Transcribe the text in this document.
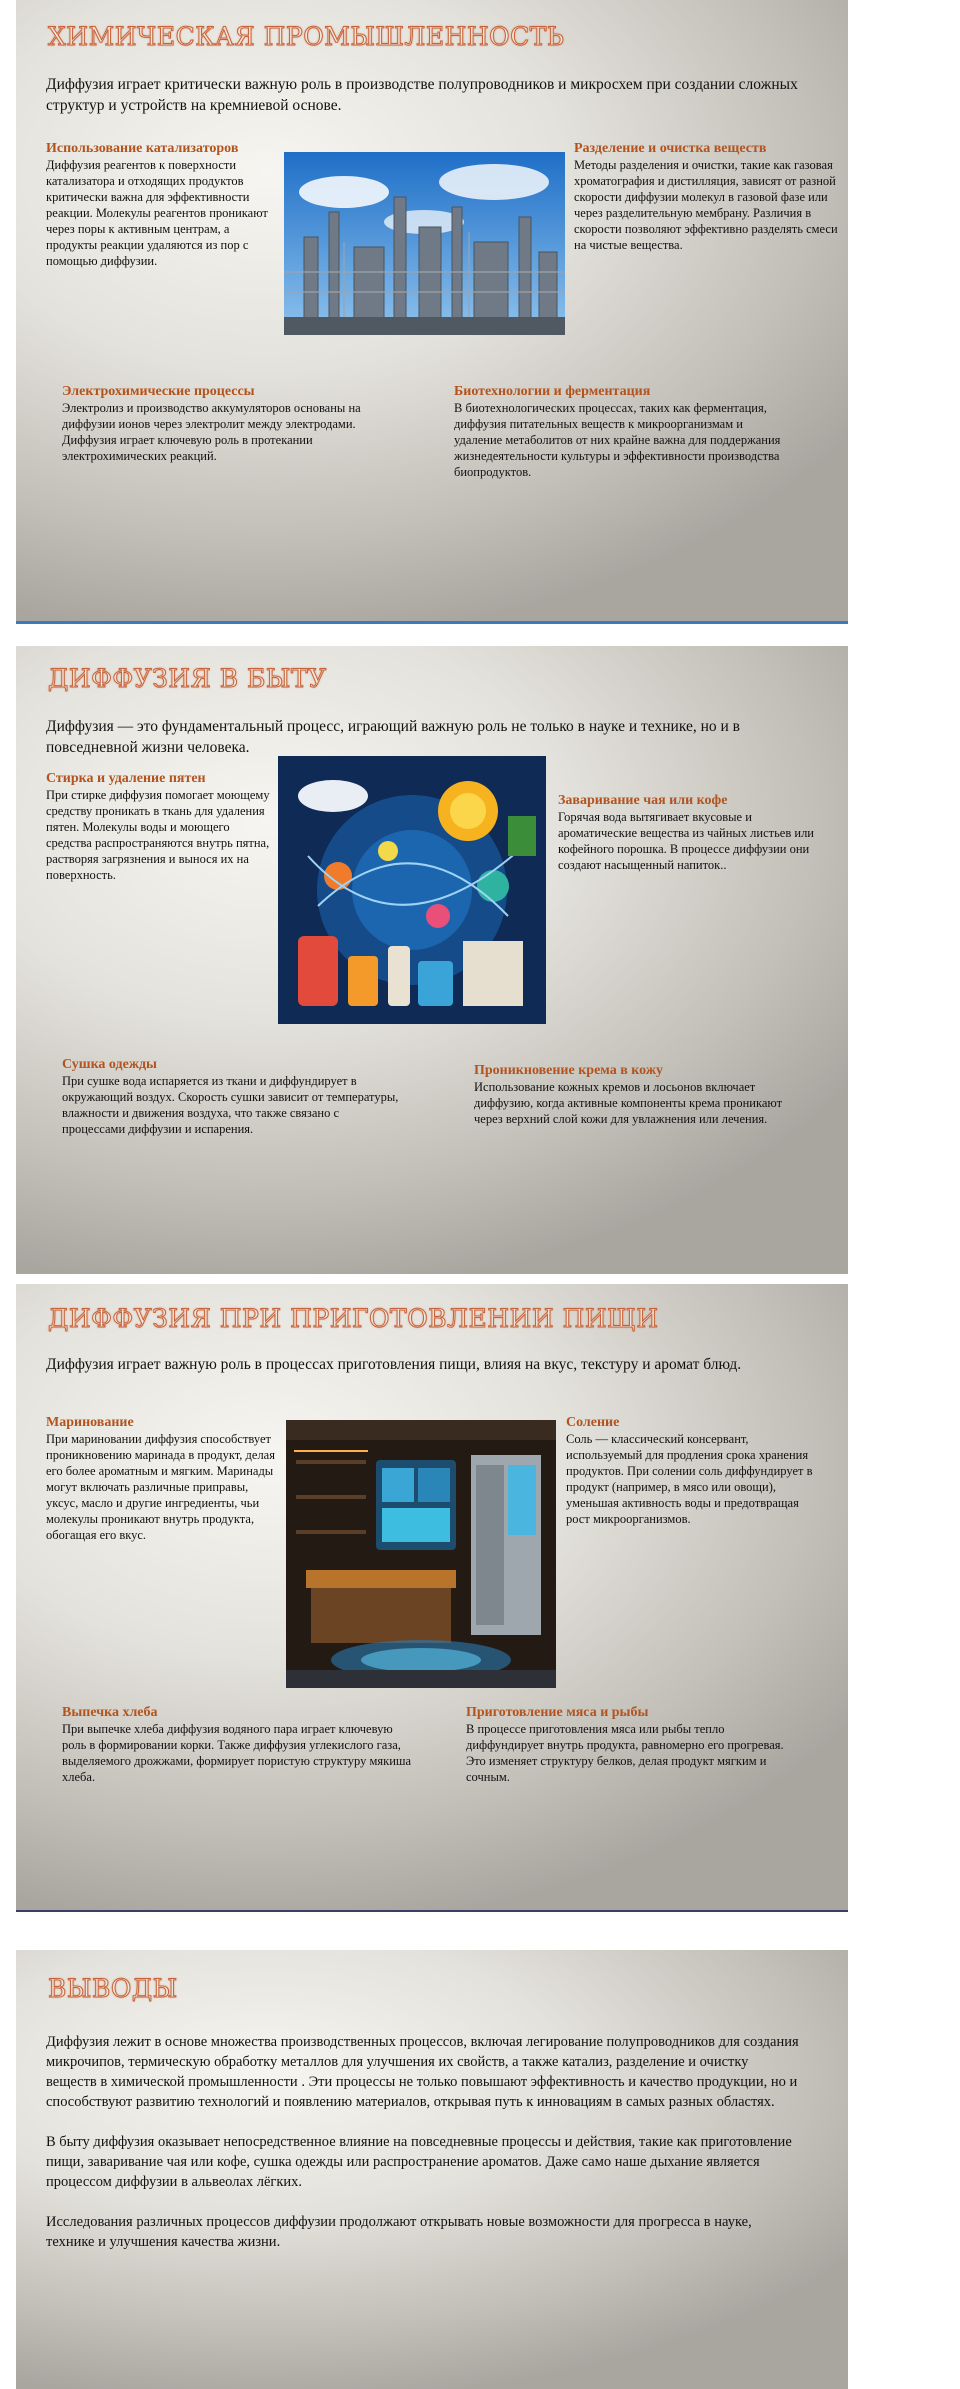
ХИМИЧЕСКАЯ ПРОМЫШЛЕННОСТЬ

Диффузия играет критически важную роль в производстве полупроводников и микросхем при создании сложных структур и устройств на кремниевой основе.

Использование катализаторов

Диффузия реагентов к поверхности катализатора и отходящих продуктов критически важна для эффективности реакции. Молекулы реагентов проникают через поры к активным центрам, а продукты реакции удаляются из пор с помощью диффузии.

Разделение и очистка веществ

Методы разделения и очистки, такие как газовая хроматография и дистилляция, зависят от разной скорости диффузии молекул в газовой фазе или через разделительную мембрану. Различия в скорости позволяют эффективно разделять смеси на чистые вещества.

Электрохимические процессы

Электролиз и производство аккумуляторов основаны на диффузии ионов через электролит между электродами. Диффузия играет ключевую роль в протекании электрохимических реакций.

Биотехнологии и ферментация

В биотехнологических процессах, таких как ферментация, диффузия питательных веществ к микроорганизмам и удаление метаболитов от них крайне важна для поддержания жизнедеятельности культуры и эффективности производства биопродуктов.

ДИФФУЗИЯ В БЫТУ

Диффузия — это фундаментальный процесс, играющий важную роль не только в науке и технике, но и в повседневной жизни человека.

Стирка и удаление пятен

При стирке диффузия помогает моющему средству проникать в ткань для удаления пятен. Молекулы воды и моющего средства распространяются внутрь пятна, растворяя загрязнения и вынося их на поверхность.

Заваривание чая или кофе

Горячая вода вытягивает вкусовые и ароматические вещества из чайных листьев или кофейного порошка. В процессе диффузии они создают насыщенный напиток..

Сушка одежды

При сушке вода испаряется из ткани и диффундирует в окружающий воздух. Скорость сушки зависит от температуры, влажности и движения воздуха, что также связано с процессами диффузии и испарения.

Проникновение крема в кожу

Использование кожных кремов и лосьонов включает диффузию, когда активные компоненты крема проникают через верхний слой кожи для увлажнения или лечения.

ДИФФУЗИЯ ПРИ ПРИГОТОВЛЕНИИ ПИЩИ

Диффузия играет важную роль в процессах приготовления пищи, влияя на вкус, текстуру и аромат блюд.

Маринование

При мариновании диффузия способствует проникновению маринада в продукт, делая его более ароматным и мягким. Маринады могут включать различные приправы, уксус, масло и другие ингредиенты, чьи молекулы проникают внутрь продукта, обогащая его вкус.

Соление

Соль — классический консервант, используемый для продления срока хранения продуктов. При солении соль диффундирует в продукт (например, в мясо или овощи), уменьшая активность воды и предотвращая рост микроорганизмов.

Выпечка хлеба

При выпечке хлеба диффузия водяного пара играет ключевую роль в формировании корки. Также диффузия углекислого газа, выделяемого дрожжами, формирует пористую структуру мякиша хлеба.

Приготовление мяса и рыбы

В процессе приготовления мяса или рыбы тепло диффундирует внутрь продукта, равномерно его прогревая. Это изменяет структуру белков, делая продукт мягким и сочным.

ВЫВОДЫ

Диффузия лежит в основе множества производственных процессов, включая легирование полупроводников для создания микрочипов, термическую обработку металлов для улучшения их свойств, а также катализ, разделение и очистку веществ в химической промышленности . Эти процессы не только повышают эффективность и качество продукции, но и способствуют развитию технологий и появлению материалов, открывая путь к инновациям в самых разных областях.

В быту диффузия оказывает непосредственное влияние на повседневные процессы и действия, такие как приготовление пищи, заваривание чая или кофе, сушка одежды или распространение ароматов. Даже само наше дыхание является процессом диффузии в альвеолах лёгких.

Исследования различных процессов диффузии продолжают открывать новые возможности для прогресса в науке, технике и улучшения качества жизни.
